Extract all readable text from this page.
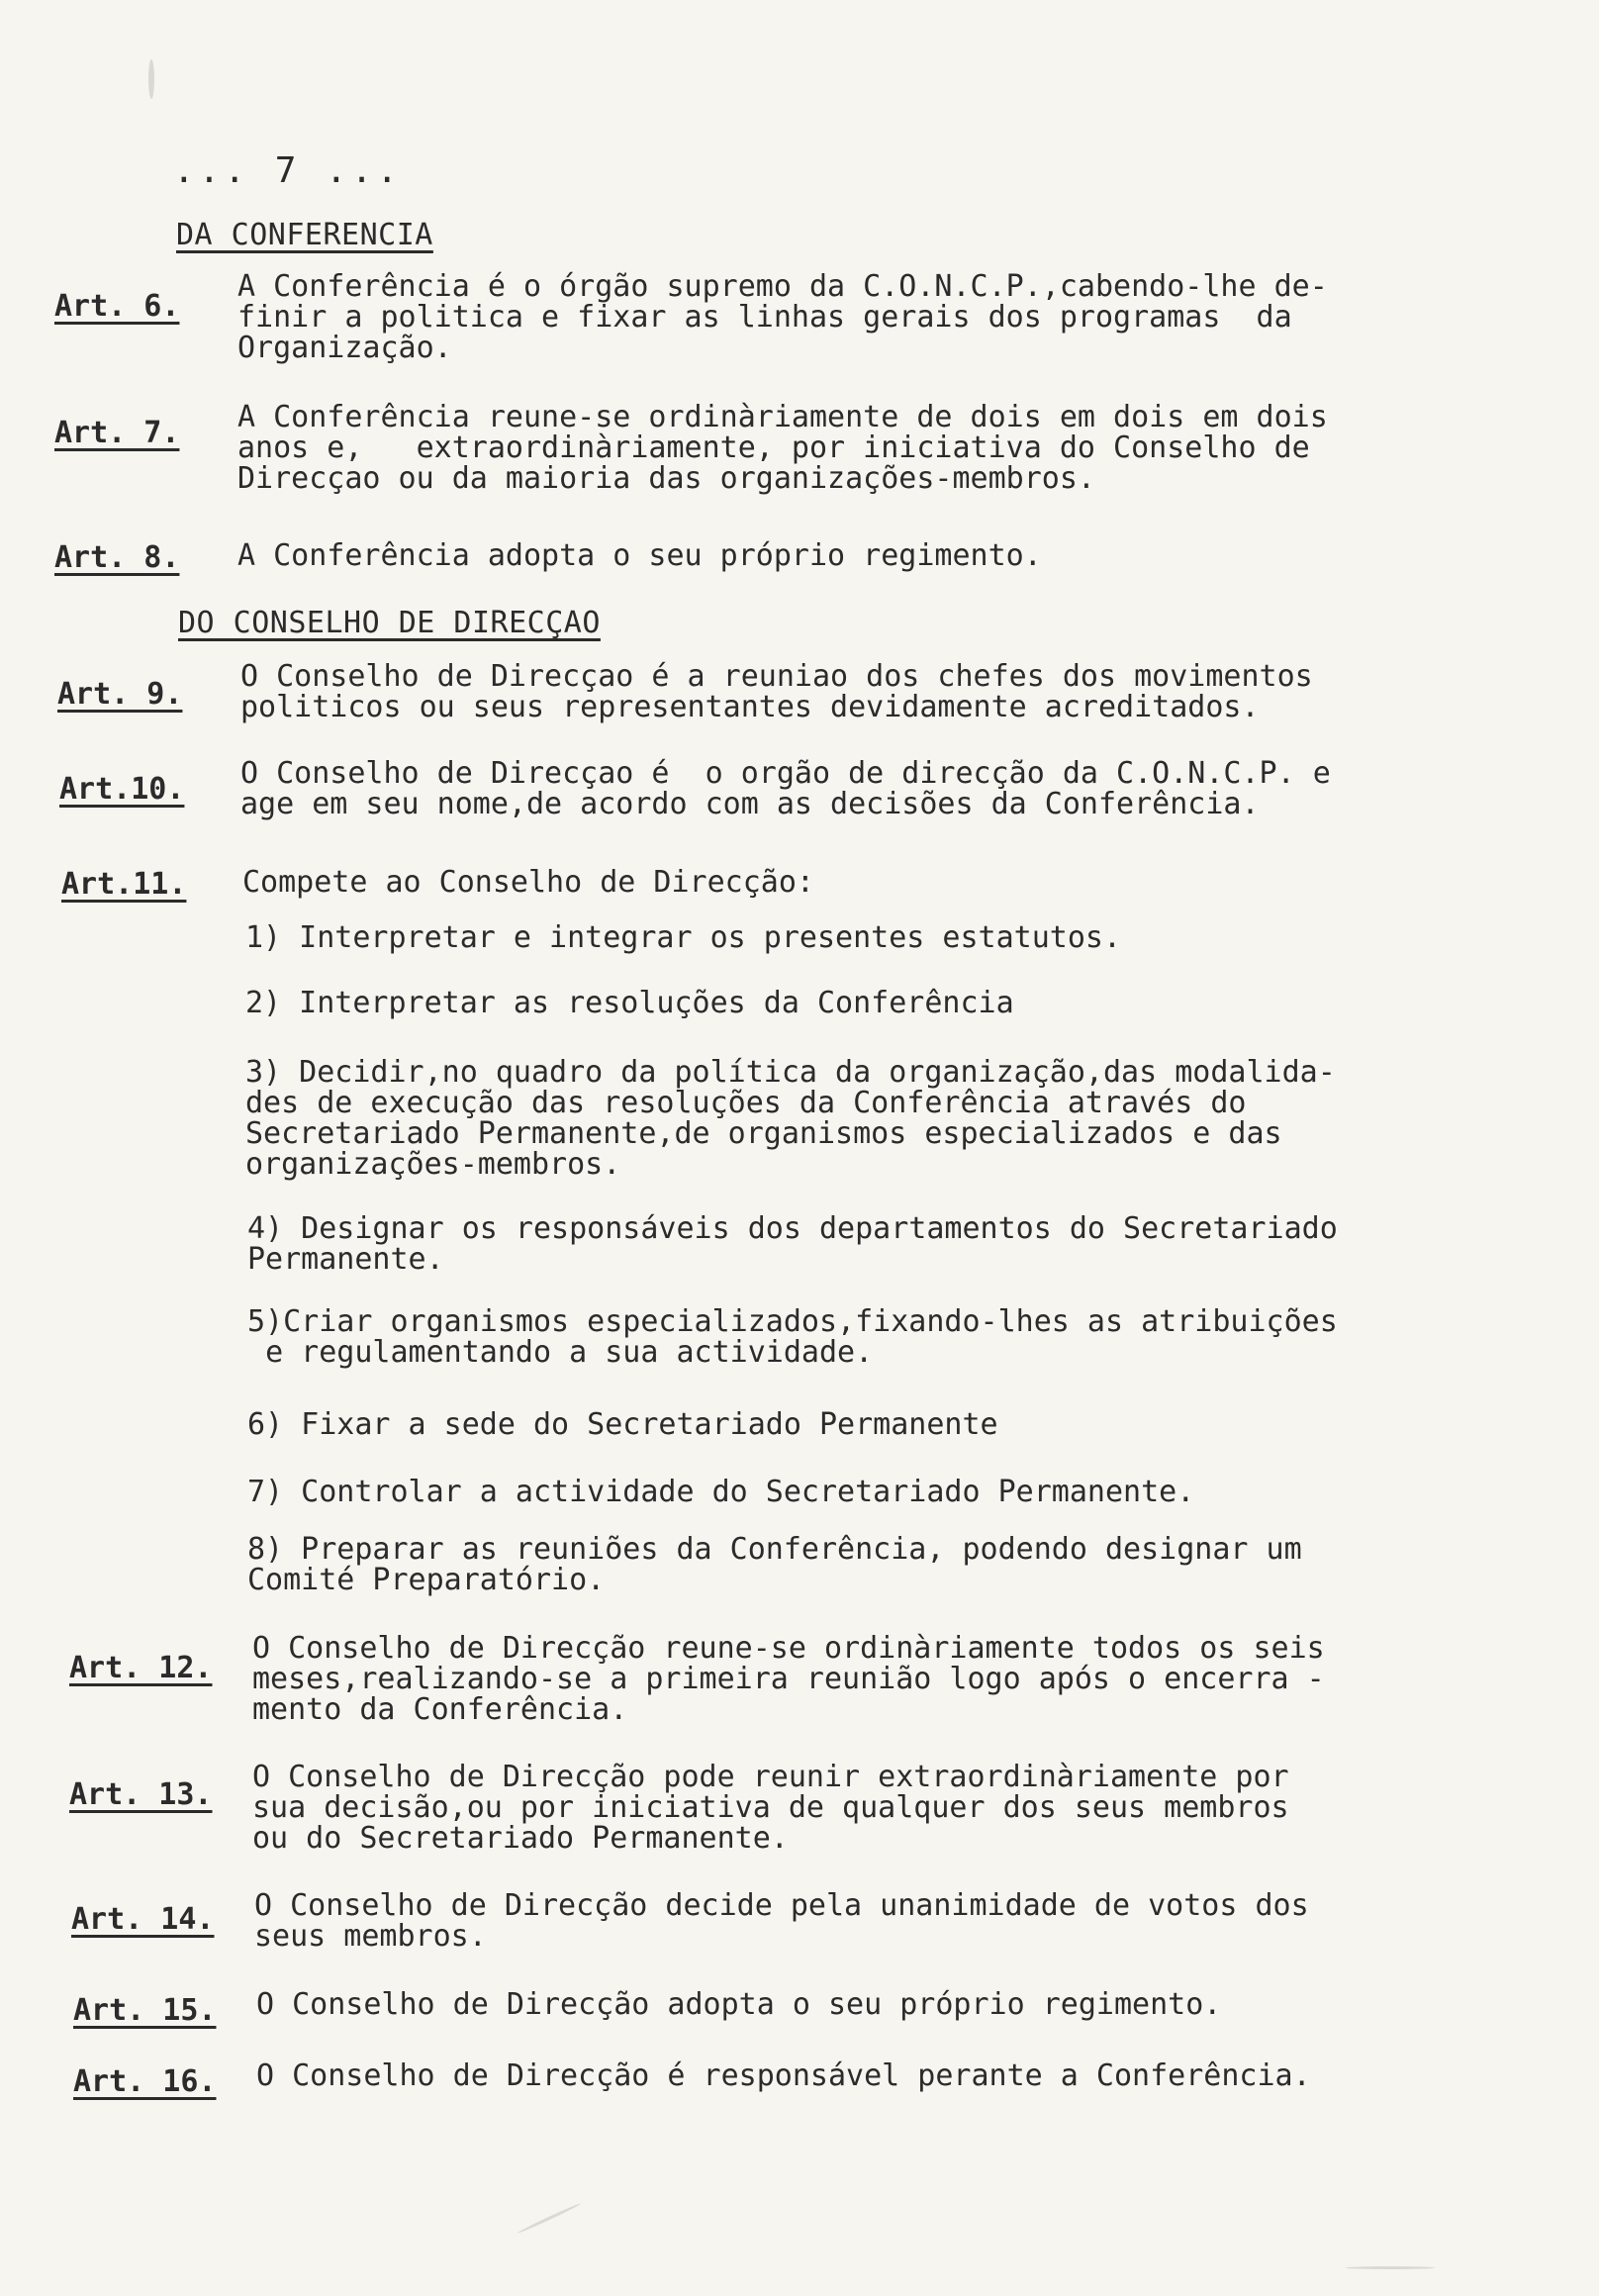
... 7 ...
DA CONFERENCIA
Art. 6.
A Conferência é o órgão supremo da C.O.N.C.P.,cabendo-lhe de-
finir a politica e fixar as linhas gerais dos programas  da
Organização.
Art. 7. A Conferência reune-se ordinàriamente de dois em dois em dois
anos e,   extraordinàriamente, por iniciativa do Conselho de
Direcçao ou da maioria das organizações-membros.
Art. 8. A Conferência adopta o seu próprio regimento.
DO CONSELHO DE DIRECÇAO
Art. 9.
O Conselho de Direcçao é a reuniao dos chefes dos movimentos
politicos ou seus representantes devidamente acreditados.
Art.10. O Conselho de Direcçao é  o orgão de direcção da C.O.N.C.P. e
age em seu nome,de acordo com as decisões da Conferência.
Art.11. Compete ao Conselho de Direcção:
1) Interpretar e integrar os presentes estatutos.
2) Interpretar as resoluções da Conferência
3) Decidir,no quadro da política da organização,das modalida-
des de execução das resoluções da Conferência através do
Secretariado Permanente,de organismos especializados e das
organizações-membros.
4) Designar os responsáveis dos departamentos do Secretariado
Permanente.
5)Criar organismos especializados,fixando-lhes as atribuições
e regulamentando a sua actividade.
6) Fixar a sede do Secretariado Permanente
7) Controlar a actividade do Secretariado Permanente.
8) Preparar as reuniões da Conferência, podendo designar um
Comité Preparatório.
Art. 12.
O Conselho de Direcção reune-se ordinàriamente todos os seis
meses,realizando-se a primeira reunião logo após o encerra -
mento da Conferência.
Art. 13.
O Conselho de Direcção pode reunir extraordinàriamente por
sua decisão,ou por iniciativa de qualquer dos seus membros
ou do Secretariado Permanente.
Art. 14. O Conselho de Direcção decide pela unanimidade de votos dos
seus membros.
Art. 15. O Conselho de Direcção adopta o seu próprio regimento.
Art. 16. O Conselho de Direcção é responsável perante a Conferência.
